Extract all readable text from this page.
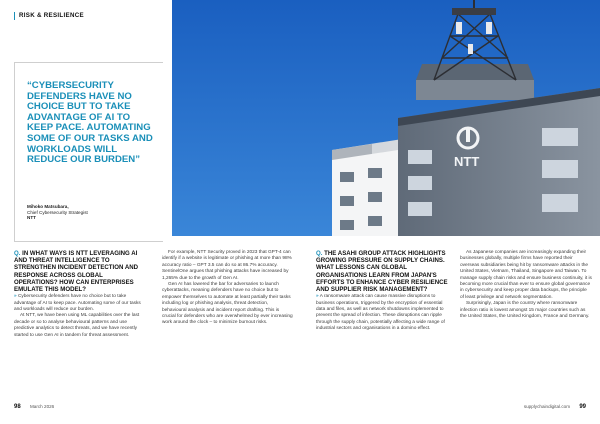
RISK & RESILIENCE

“CYBERSECURITY DEFENDERS HAVE NO CHOICE BUT TO TAKE ADVANTAGE OF AI TO KEEP PACE. AUTOMATING SOME OF OUR TASKS AND WORKLOADS WILL REDUCE OUR BURDEN”

Mihoko Matsubara,
Chief Cybersecurity Strategist
NTT
NTT

Q. IN WHAT WAYS IS NTT LEVERAGING AI AND THREAT INTELLIGENCE TO STRENGTHEN INCIDENT DETECTION AND RESPONSE ACROSS GLOBAL OPERATIONS? HOW CAN ENTERPRISES EMULATE THIS MODEL?

» Cybersecurity defenders have no choice but to take advantage of AI to keep pace. Automating some of our tasks and workloads will reduce our burden.

At NTT, we have been using ML capabilities over the last decade or so to analyse behavioural patterns and use predictive analytics to detect threats, and we have recently started to use Gen AI in tandem for threat assessment.

For example, NTT Security proved in 2023 that GPT-4 can identify if a website is legitimate or phishing at more than 98% accuracy ratio – GPT 3.5 can do so at 86.7% accuracy. SentinelOne argues that phishing attacks have increased by 1,265% due to the growth of Gen AI.

Gen AI has lowered the bar for adversaries to launch cyberattacks, meaning defenders have no choice but to empower themselves to automate at least partially their tasks including log or phishing analysis, threat detection, behavioural analysis and incident report drafting. This is crucial for defenders who are overwhelmed by ever increasing work around the clock – to minimize burnout risks.

Q. THE ASAHI GROUP ATTACK HIGHLIGHTS GROWING PRESSURE ON SUPPLY CHAINS. WHAT LESSONS CAN GLOBAL ORGANISATIONS LEARN FROM JAPAN'S EFFORTS TO ENHANCE CYBER RESILIENCE AND SUPPLIER RISK MANAGEMENT?

» A ransomware attack can cause massive disruptions to business operations, triggered by the encryption of essential data and files, as well as network shutdowns implemented to prevent the spread of infection. These disruptions can ripple through the supply chain, potentially affecting a wide range of industrial sectors and organisations in a domino effect.

As Japanese companies are increasingly expanding their businesses globally, multiple firms have reported their overseas subsidiaries being hit by ransomware attacks in the United States, Vietnam, Thailand, Singapore and Taiwan. To manage supply chain risks and ensure business continuity, it is becoming more crucial than ever to ensure global governance in cybersecurity and keep proper data backups, the principle of least privilege and network segmentation.

Surprisingly, Japan is the country where ransomware infection ratio is lowest amongst 15 major countries such as the United States, the United Kingdom, France and Germany.

98 March 2026	supplychaindigital.com 99
